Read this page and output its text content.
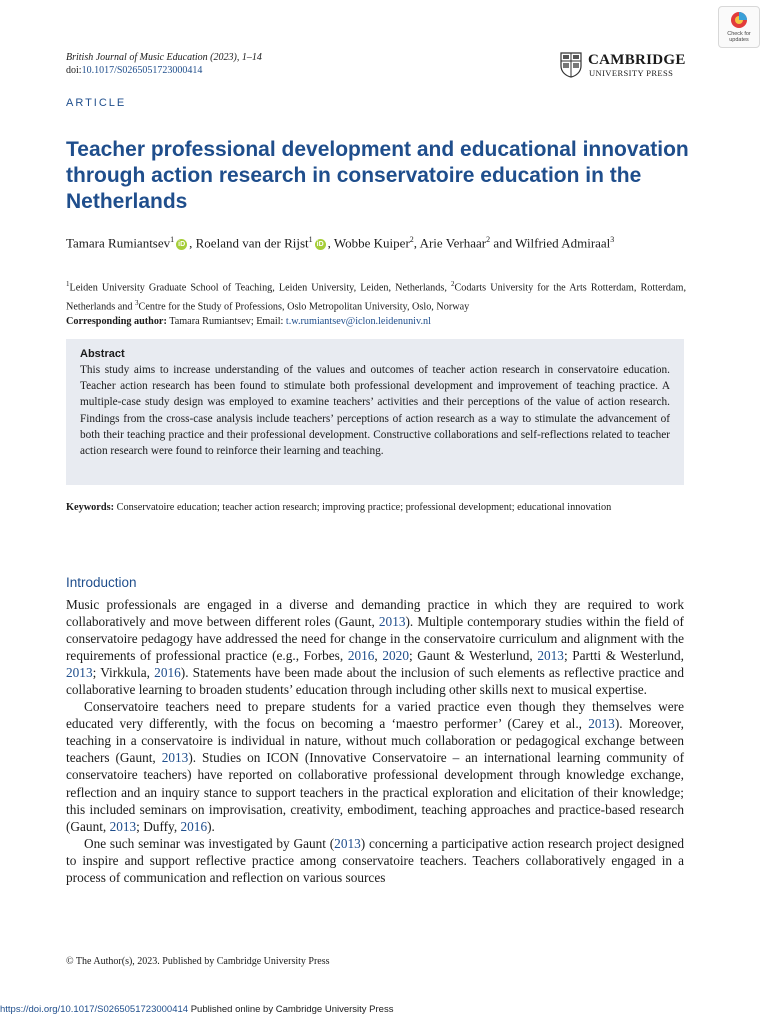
British Journal of Music Education (2023), 1–14
doi:10.1017/S0265051723000414
CAMBRIDGE
UNIVERSITY PRESS
Check for updates
ARTICLE
Teacher professional development and educational innovation through action research in conservatoire education in the Netherlands
Tamara Rumiantsev$^1$iD , Roeland van der Rijst$^1$iD , Wobbe Kuiper$^2$, Arie Verhaar$^2$ and Wilfried Admiraal$^3$
$^1$Leiden University Graduate School of Teaching, Leiden University, Leiden, Netherlands, $^2$Codarts University for the Arts Rotterdam, Rotterdam, Netherlands and $^3$Centre for the Study of Professions, Oslo Metropolitan University, Oslo, Norway
Corresponding author: Tamara Rumiantsev; Email: t.w.rumiantsev@iclon.leidenuniv.nl
Abstract
This study aims to increase understanding of the values and outcomes of teacher action research in conservatoire education. Teacher action research has been found to stimulate both professional development and improvement of teaching practice. A multiple-case study design was employed to examine teachers’ activities and their perceptions of the value of action research. Findings from the cross-case analysis include teachers’ perceptions of action research as a way to stimulate the advancement of both their teaching practice and their professional development. Constructive collaborations and self-reflections related to teacher action research were found to reinforce their learning and teaching.
Keywords: Conservatoire education; teacher action research; improving practice; professional development; educational innovation
Introduction

Music professionals are engaged in a diverse and demanding practice in which they are required to work collaboratively and move between different roles (Gaunt, 2013). Multiple contemporary studies within the field of conservatoire pedagogy have addressed the need for change in the conservatoire curriculum and alignment with the requirements of professional practice (e.g., Forbes, 2016, 2020; Gaunt & Westerlund, 2013; Partti & Westerlund, 2013; Virkkula, 2016). Statements have been made about the inclusion of such elements as reflective practice and collaborative learning to broaden students’ education through including other skills next to musical expertise.

Conservatoire teachers need to prepare students for a varied practice even though they themselves were educated very differently, with the focus on becoming a ‘maestro performer’ (Carey et al., 2013). Moreover, teaching in a conservatoire is individual in nature, without much collaboration or pedagogical exchange between teachers (Gaunt, 2013). Studies on ICON (Innovative Conservatoire – an international learning community of conservatoire teachers) have reported on collaborative professional development through knowledge exchange, reflection and an inquiry stance to support teachers in the practical exploration and elicitation of their knowledge; this included seminars on improvisation, creativity, embodiment, teaching approaches and practice-based research (Gaunt, 2013; Duffy, 2016).

One such seminar was investigated by Gaunt (2013) concerning a participative action research project designed to inspire and support reflective practice among conservatoire teachers. Teachers collaboratively engaged in a process of communication and reflection on various sources

© The Author(s), 2023. Published by Cambridge University Press
https://doi.org/10.1017/S0265051723000414 Published online by Cambridge University Press
